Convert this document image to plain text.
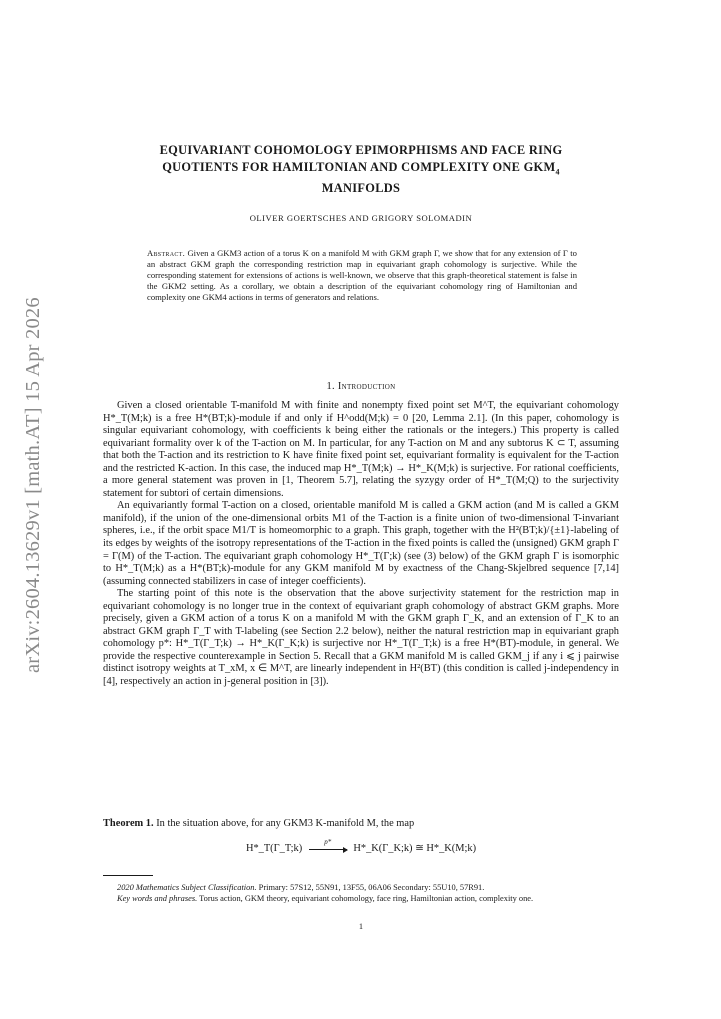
arXiv:2604.13629v1 [math.AT] 15 Apr 2026
EQUIVARIANT COHOMOLOGY EPIMORPHISMS AND FACE RING
QUOTIENTS FOR HAMILTONIAN AND COMPLEXITY ONE $GKM_4$
MANIFOLDS
OLIVER GOERTSCHES AND GRIGORY SOLOMADIN
Abstract. Given a GKM3 action of a torus K on a manifold M with GKM graph Γ, we show that for any extension of Γ to an abstract GKM graph the corresponding restriction map in equivariant graph cohomology is surjective. While the corresponding statement for extensions of actions is well-known, we observe that this graph-theoretical statement is false in the GKM2 setting. As a corollary, we obtain a description of the equivariant cohomology ring of Hamiltonian and complexity one GKM4 actions in terms of generators and relations.
1. Introduction

Given a closed orientable T-manifold M with finite and nonempty fixed point set M^T, the equivariant cohomology H*_T(M;k) is a free H*(BT;k)-module if and only if H^odd(M;k) = 0 [20, Lemma 2.1]. (In this paper, cohomology is singular equivariant cohomology, with coefficients k being either the rationals or the integers.) This property is called equivariant formality over k of the T-action on M. In particular, for any T-action on M and any subtorus K ⊂ T, assuming that both the T-action and its restriction to K have finite fixed point set, equivariant formality is equivalent for the T-action and the restricted K-action. In this case, the induced map H*_T(M;k) → H*_K(M;k) is surjective. For rational coefficients, a more general statement was proven in [1, Theorem 5.7], relating the syzygy order of H*_T(M;Q) to the surjectivity statement for subtori of certain dimensions.

An equivariantly formal T-action on a closed, orientable manifold M is called a GKM action (and M is called a GKM manifold), if the union of the one-dimensional orbits M1 of the T-action is a finite union of two-dimensional T-invariant spheres, i.e., if the orbit space M1/T is homeomorphic to a graph. This graph, together with the H²(BT;k)/{±1}-labeling of its edges by weights of the isotropy representations of the T-action in the fixed points is called the (unsigned) GKM graph Γ = Γ(M) of the T-action. The equivariant graph cohomology H*_T(Γ;k) (see (3) below) of the GKM graph Γ is isomorphic to H*_T(M;k) as a H*(BT;k)-module for any GKM manifold M by exactness of the Chang-Skjelbred sequence [7,14] (assuming connected stabilizers in case of integer coefficients).

The starting point of this note is the observation that the above surjectivity statement for the restriction map in equivariant cohomology is no longer true in the context of equivariant graph cohomology of abstract GKM graphs. More precisely, given a GKM action of a torus K on a manifold M with the GKM graph Γ_K, and an extension of Γ_K to an abstract GKM graph Γ_T with T-labeling (see Section 2.2 below), neither the natural restriction map in equivariant graph cohomology p*: H*_T(Γ_T;k) → H*_K(Γ_K;k) is surjective nor H*_T(Γ_T;k) is a free H*(BT)-module, in general. We provide the respective counterexample in Section 5. Recall that a GKM manifold M is called GKM_j if any i ⩽ j pairwise distinct isotropy weights at T_xM, x ∈ M^T, are linearly independent in H²(BT) (this condition is called j-independency in [4], respectively an action in j-general position in [3]).

Theorem 1. In the situation above, for any GKM3 K-manifold M, the map
H*_T(Γ_T;k)
p*
H*_K(Γ_K;k) ≅ H*_K(M;k)

2020 Mathematics Subject Classification. Primary: 57S12, 55N91, 13F55, 06A06 Secondary: 55U10, 57R91.

Key words and phrases. Torus action, GKM theory, equivariant cohomology, face ring, Hamiltonian action, complexity one.

1
